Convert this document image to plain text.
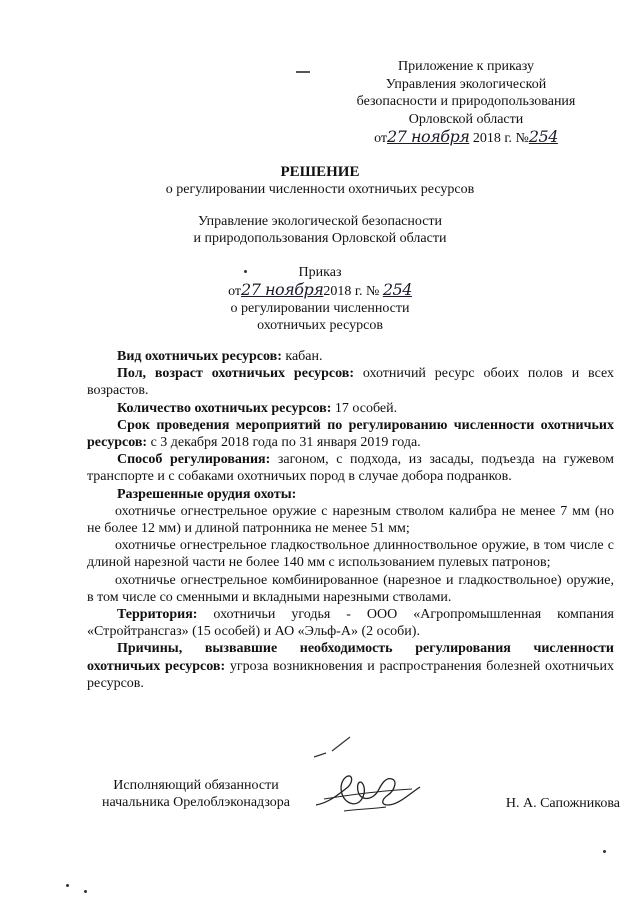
Приложение к приказу
Управления экологической
безопасности и природопользования
Орловской области
от27 ноября 2018 г. №254
РЕШЕНИЕ
о регулировании численности охотничьих ресурсов
Управление экологической безопасности
и природопользования Орловской области
Приказ
от27 ноября2018 г. № 254
о регулировании численности
охотничьих ресурсов

Вид охотничьих ресурсов: кабан.

Пол, возраст охотничьих ресурсов: охотничий ресурс обоих полов и всех возрастов.

Количество охотничьих ресурсов: 17 особей.

Срок проведения мероприятий по регулированию численности охотничьих ресурсов: с 3 декабря 2018 года по 31 января 2019 года.

Способ регулирования: загоном, с подхода, из засады, подъезда на гужевом транспорте и с собаками охотничьих пород в случае добора подранков.

Разрешенные орудия охоты:

охотничье огнестрельное оружие с нарезным стволом калибра не менее 7 мм (но не более 12 мм) и длиной патронника не менее 51 мм;

охотничье огнестрельное гладкоствольное длинноствольное оружие, в том числе с длиной нарезной части не более 140 мм с использованием пулевых патронов;

охотничье огнестрельное комбинированное (нарезное и гладкоствольное) оружие, в том числе со сменными и вкладными нарезными стволами.

Территория: охотничьи угодья - ООО «Агропромышленная компания «Стройтрансгаз» (15 особей) и АО «Эльф-А» (2 особи).

Причины, вызвавшие необходимость регулирования численности охотничьих ресурсов: угроза возникновения и распространения болезней охотничьих ресурсов.

Исполняющий обязанности
начальника Орелоблэконадзора	Н. А. Сапожникова
